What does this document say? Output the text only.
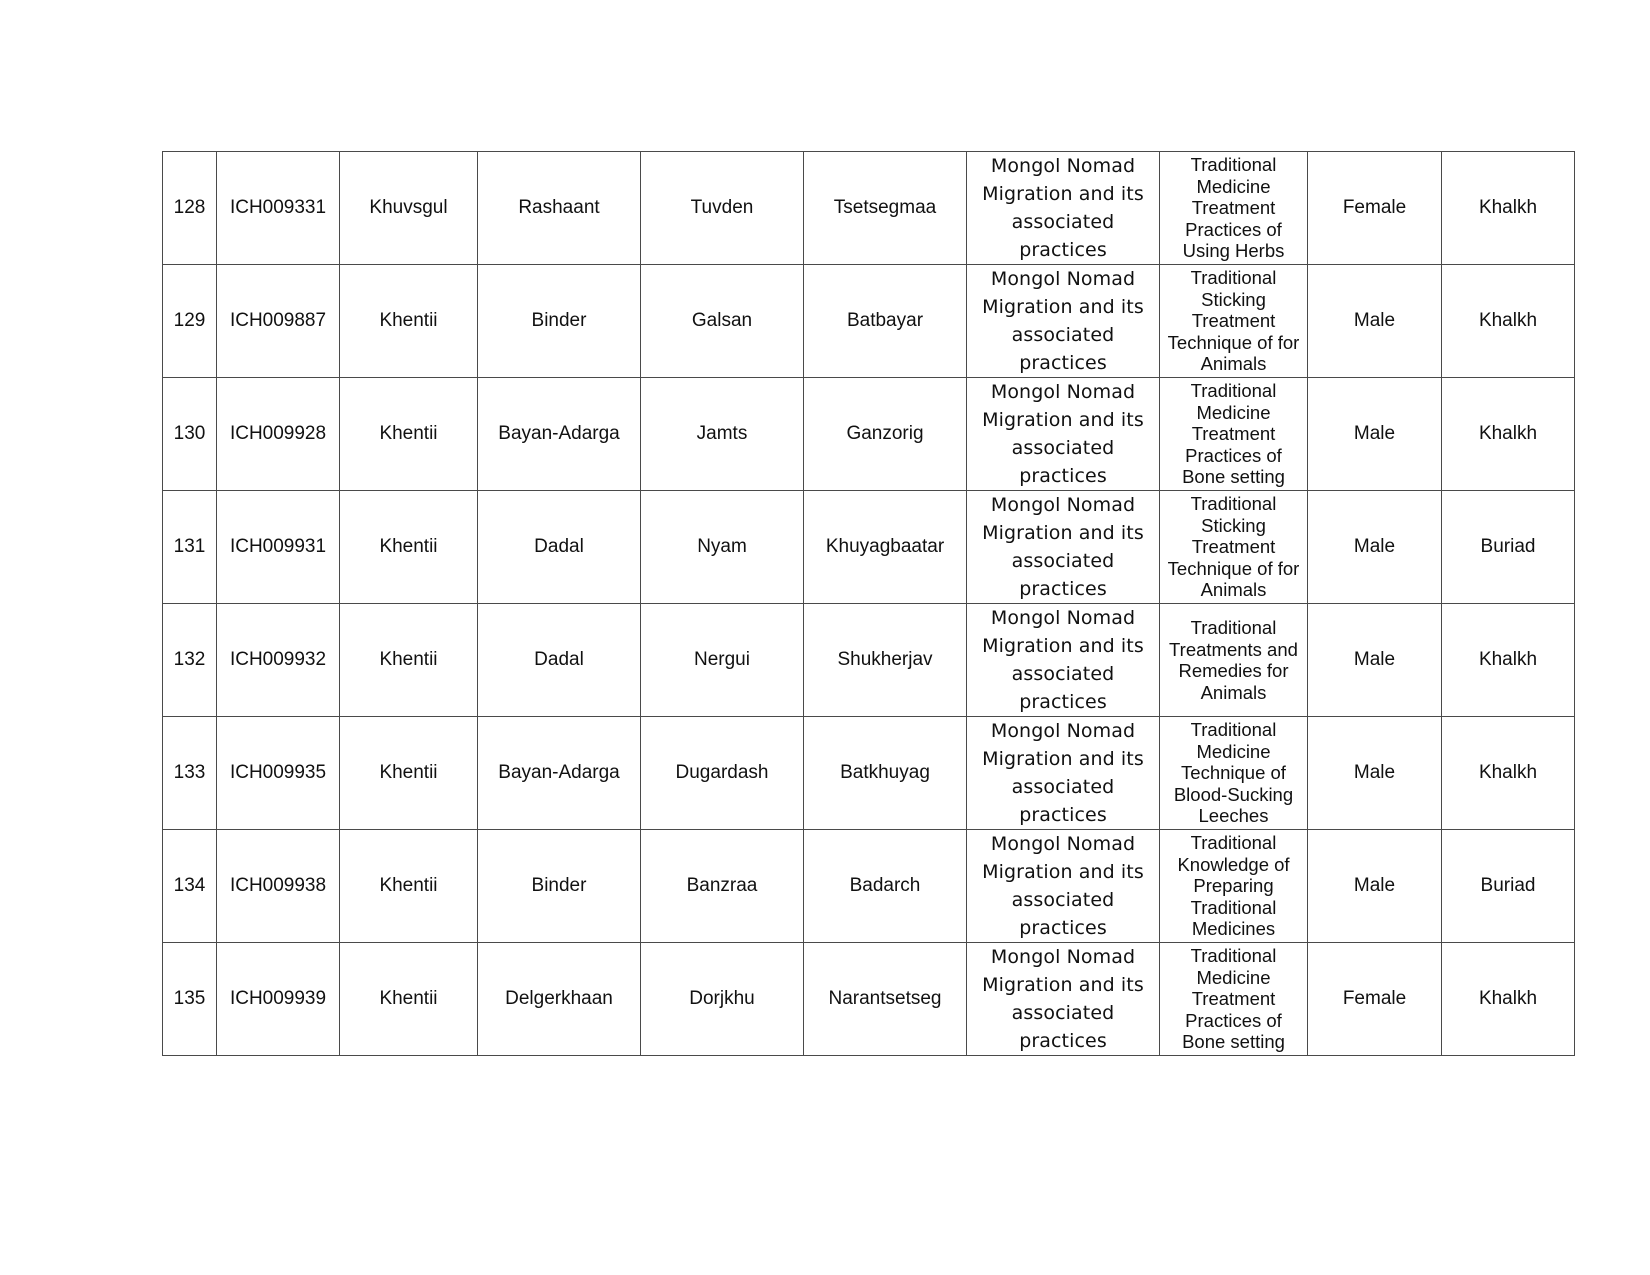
128	ICH009331	Khuvsgul	Rashaant	Tuvden	Tsetsegmaa	Mongol Nomad Migration and its associated practices	Traditional Medicine Treatment Practices of Using Herbs	Female	Khalkh
129	ICH009887	Khentii	Binder	Galsan	Batbayar	Mongol Nomad Migration and its associated practices	Traditional Sticking Treatment Technique of for Animals	Male	Khalkh
130	ICH009928	Khentii	Bayan-Adarga	Jamts	Ganzorig	Mongol Nomad Migration and its associated practices	Traditional Medicine Treatment Practices of Bone setting	Male	Khalkh
131	ICH009931	Khentii	Dadal	Nyam	Khuyagbaatar	Mongol Nomad Migration and its associated practices	Traditional Sticking Treatment Technique of for Animals	Male	Buriad
132	ICH009932	Khentii	Dadal	Nergui	Shukherjav	Mongol Nomad Migration and its associated practices	Traditional Treatments and Remedies for Animals	Male	Khalkh
133	ICH009935	Khentii	Bayan-Adarga	Dugardash	Batkhuyag	Mongol Nomad Migration and its associated practices	Traditional Medicine Technique of Blood-Sucking Leeches	Male	Khalkh
134	ICH009938	Khentii	Binder	Banzraa	Badarch	Mongol Nomad Migration and its associated practices	Traditional Knowledge of Preparing Traditional Medicines	Male	Buriad
135	ICH009939	Khentii	Delgerkhaan	Dorjkhu	Narantsetseg	Mongol Nomad Migration and its associated practices	Traditional Medicine Treatment Practices of Bone setting	Female	Khalkh
